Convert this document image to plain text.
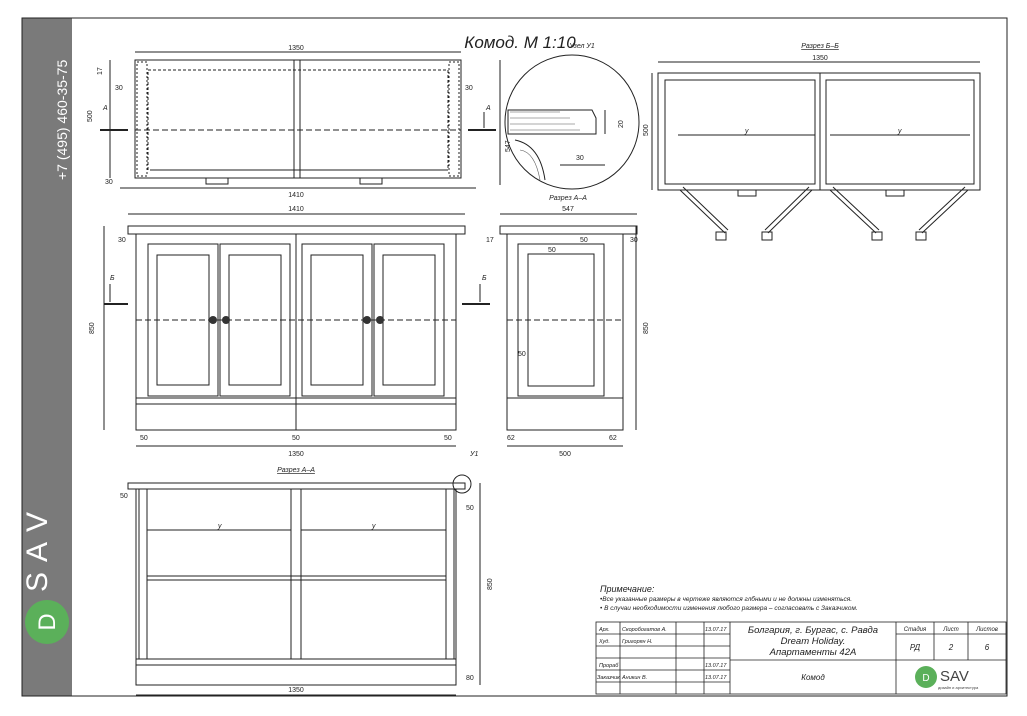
+7 (495) 460-35-75 www.d-sav.ru
V
A
S
D
Комод. М 1:10
1350
1410
500
547
17
30
30
30
А	А
Узел У1
20
30
Разрез Б–Б
1350
500	у	у
1410
850
30
50	50	50
1350
Б	Б
Разрез А–А
547
17
50
50	30
50
62	62
500
850
Разрез А–А
У1
50
50
850
80
1350
у	у
Примечание:
•Все указанные размеры в чертеже являются глбными и не должны изменяться.
• В случаи необходимости изменения любого размера – согласовать с Заказчиком.
Арх. Скоробогатов А.	13.07.17
Худ. Григорян Н.
Прораб	13.07.17
Заказчик Аникин В.	13.07.17
Болгария, г. Бургас, с. Равда
Dream Holiday.
Апартаменты 42А
Комод
Стадия	Лист	Листов
РД	2	6
D SAV
дизайн и архитектура
